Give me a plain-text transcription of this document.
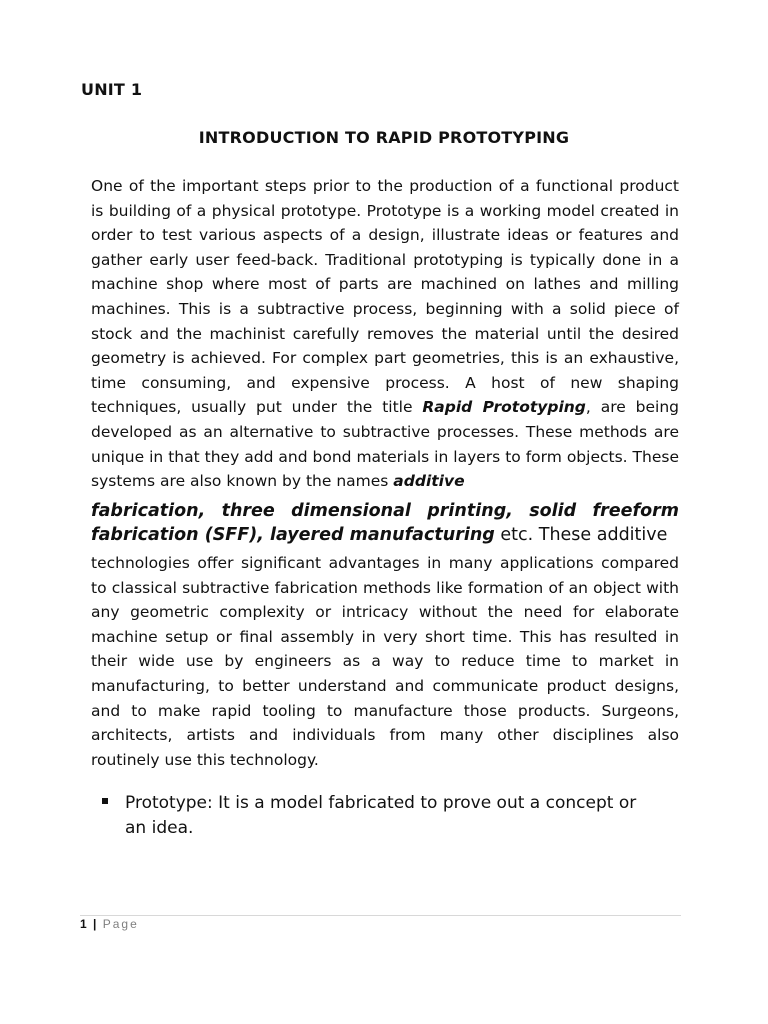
UNIT 1
INTRODUCTION TO RAPID PROTOTYPING

One of the important steps prior to the production of a functional product is building of a physical prototype. Prototype is a working model created in order to test various aspects of a design, illustrate ideas or features and gather early user feed-back. Traditional prototyping is typically done in a machine shop where most of parts are machined on lathes and milling machines. This is a subtractive process, beginning with a solid piece of stock and the machinist carefully removes the material until the desired geometry is achieved. For complex part geometries, this is an exhaustive, time consuming, and expensive process. A host of new shaping techniques, usually put under the title Rapid Prototyping, are being developed as an alternative to subtractive processes. These methods are unique in that they add and bond materials in layers to form objects. These systems are also known by the names additive

fabrication, three dimensional printing, solid freeform fabrication (SFF), layered manufacturing etc. These additive

technologies offer significant advantages in many applications compared to classical subtractive fabrication methods like formation of an object with any geometric complexity or intricacy without the need for elaborate machine setup or final assembly in very short time. This has resulted in their wide use by engineers as a way to reduce time to market in manufacturing, to better understand and communicate product designs, and to make rapid tooling to manufacture those products. Surgeons, architects, artists and individuals from many other disciplines also routinely use this technology.

Prototype: It is a model fabricated to prove out a concept or an idea.
1 | Page
